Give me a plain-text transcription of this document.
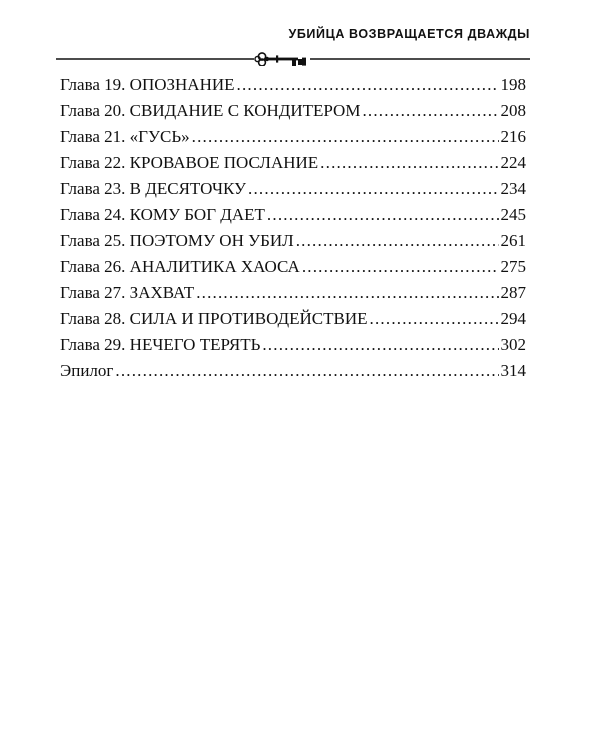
УБИЙЦА ВОЗВРАЩАЕТСЯ ДВАЖДЫ
Глава 19. ОПОЗНАНИЕ .....	198
Глава 20. СВИДАНИЕ С КОНДИТЕРОМ .....	208
Глава 21. «ГУСЬ» .....	216
Глава 22. КРОВАВОЕ ПОСЛАНИЕ .....	224
Глава 23. В ДЕСЯТОЧКУ .....	234
Глава 24. КОМУ БОГ ДАЕТ .....	245
Глава 25. ПОЭТОМУ ОН УБИЛ .....	261
Глава 26. АНАЛИТИКА ХАОСА .....	275
Глава 27. ЗАХВАТ .....	287
Глава 28. СИЛА И ПРОТИВОДЕЙСТВИЕ .....	294
Глава 29. НЕЧЕГО ТЕРЯТЬ .....	302
Эпилог .....	314
